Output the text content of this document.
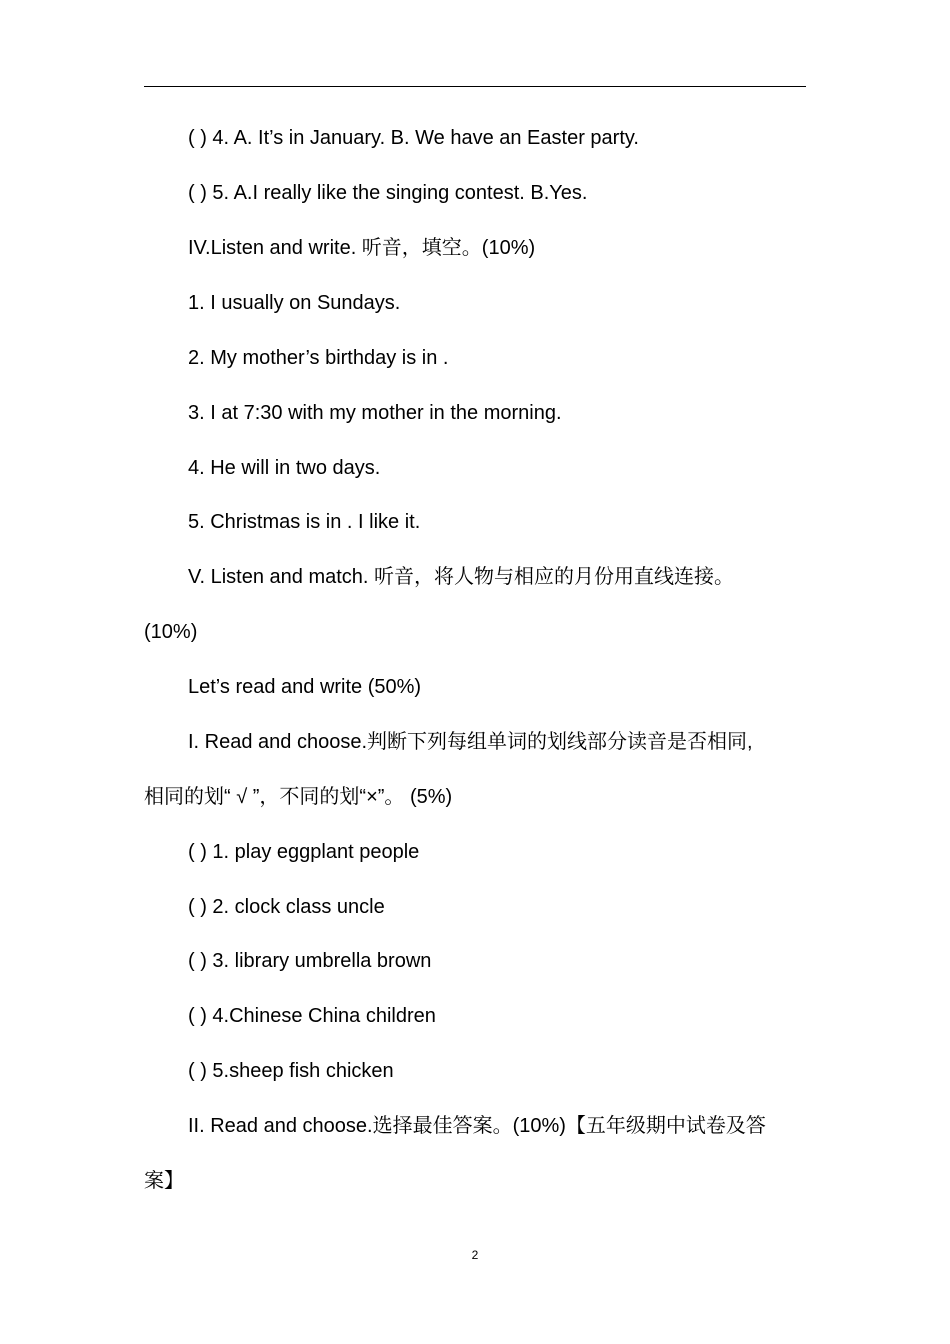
( ) 4. A. It’s in January. B. We have an Easter party.
( ) 5. A.I really like the singing contest. B.Yes.
IV.Listen and write. 听音，填空。(10%)
1. I usually on Sundays.
2. My mother’s birthday is in .
3. I at 7:30 with my mother in the morning.
4. He will in two days.
5. Christmas is in . I like it.
V. Listen and match. 听音，将人物与相应的月份用直线连接。
(10%)
Let’s read and write (50%)
I. Read and choose.判断下列每组单词的划线部分读音是否相同,
相同的划“ √ ”，不同的划“×”。 (5%)
( ) 1. play eggplant people
( ) 2. clock class uncle
( ) 3. library umbrella brown
( ) 4.Chinese China children
( ) 5.sheep fish chicken
II. Read and choose.选择最佳答案。(10%)【五年级期中试卷及答
案】
2
